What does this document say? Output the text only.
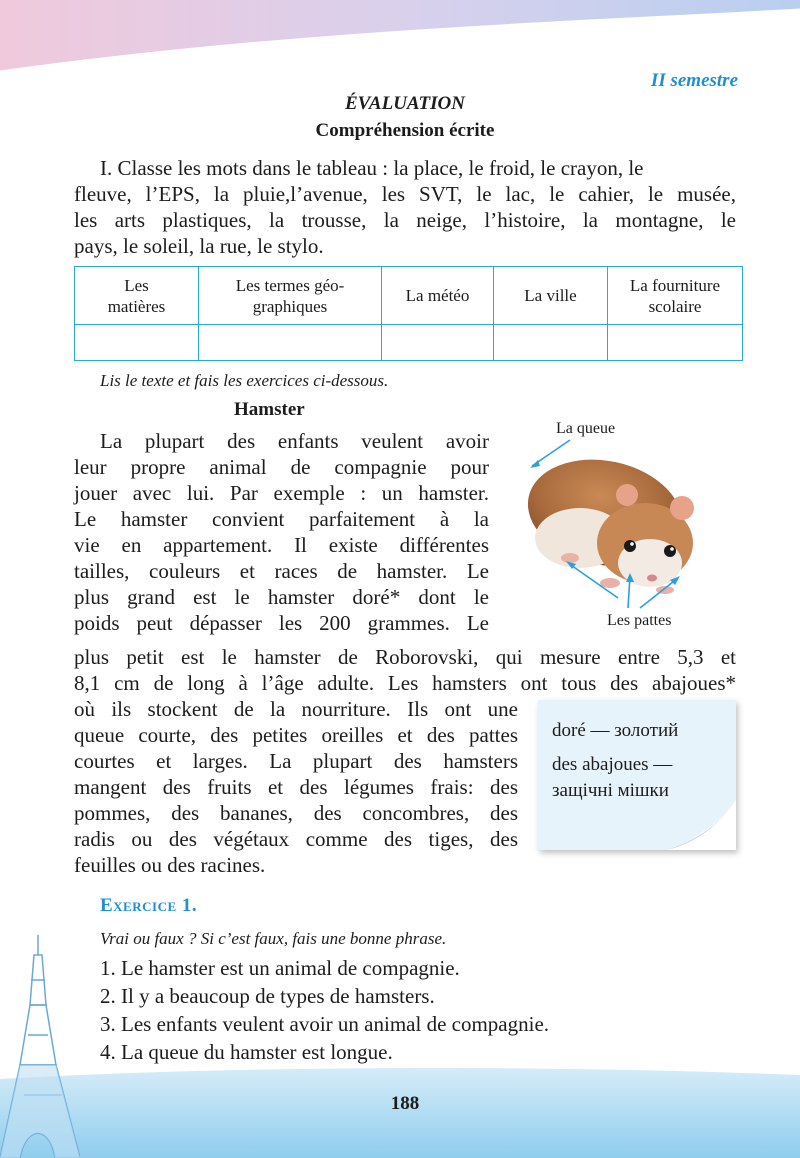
II semestre
ÉVALUATION
Compréhension écrite

I. Classe les mots dans le tableau : la place, le froid, le crayon, le

fleuve, l’EPS, la pluie,l’avenue, les SVT, le lac, le cahier, le musée,

les arts plastiques, la trousse, la neige, l’histoire, la montagne, le

pays, le soleil, la rue, le stylo.

Les
matières	Les termes géo-
graphiques	La météo	La ville	La fourniture
scolaire

Lis le texte et fais les exercices ci-dessous.
Hamster
La queue
Les pattes

La plupart des enfants veulent avoir

leur propre animal de compagnie pour

jouer avec lui. Par exemple : un hamster.

Le hamster convient parfaitement à la

vie en appartement. Il existe différentes

tailles, couleurs et races de hamster. Le

plus grand est le hamster doré* dont le

poids peut dépasser les 200 grammes. Le

plus petit est le hamster de Roborovski, qui mesure entre 5,3 et

8,1 cm de long à l’âge adulte. Les hamsters ont tous des abajoues*

où ils stockent de la nourriture. Ils ont une

queue courte, des petites oreilles et des pattes

courtes et larges. La plupart des hamsters

mangent des fruits et des légumes frais: des

pommes, des bananes, des concombres, des

radis ou des végétaux comme des tiges, des

feuilles ou des racines.

doré — золотий
des abajoues —
защічні мішки
Exercice 1.
Vrai ou faux ? Si c’est faux, fais une bonne phrase.
1. Le hamster est un animal de compagnie.
2. Il y a beaucoup de types de hamsters.
3. Les enfants veulent avoir un animal de compagnie.
4. La queue du hamster est longue.
188
